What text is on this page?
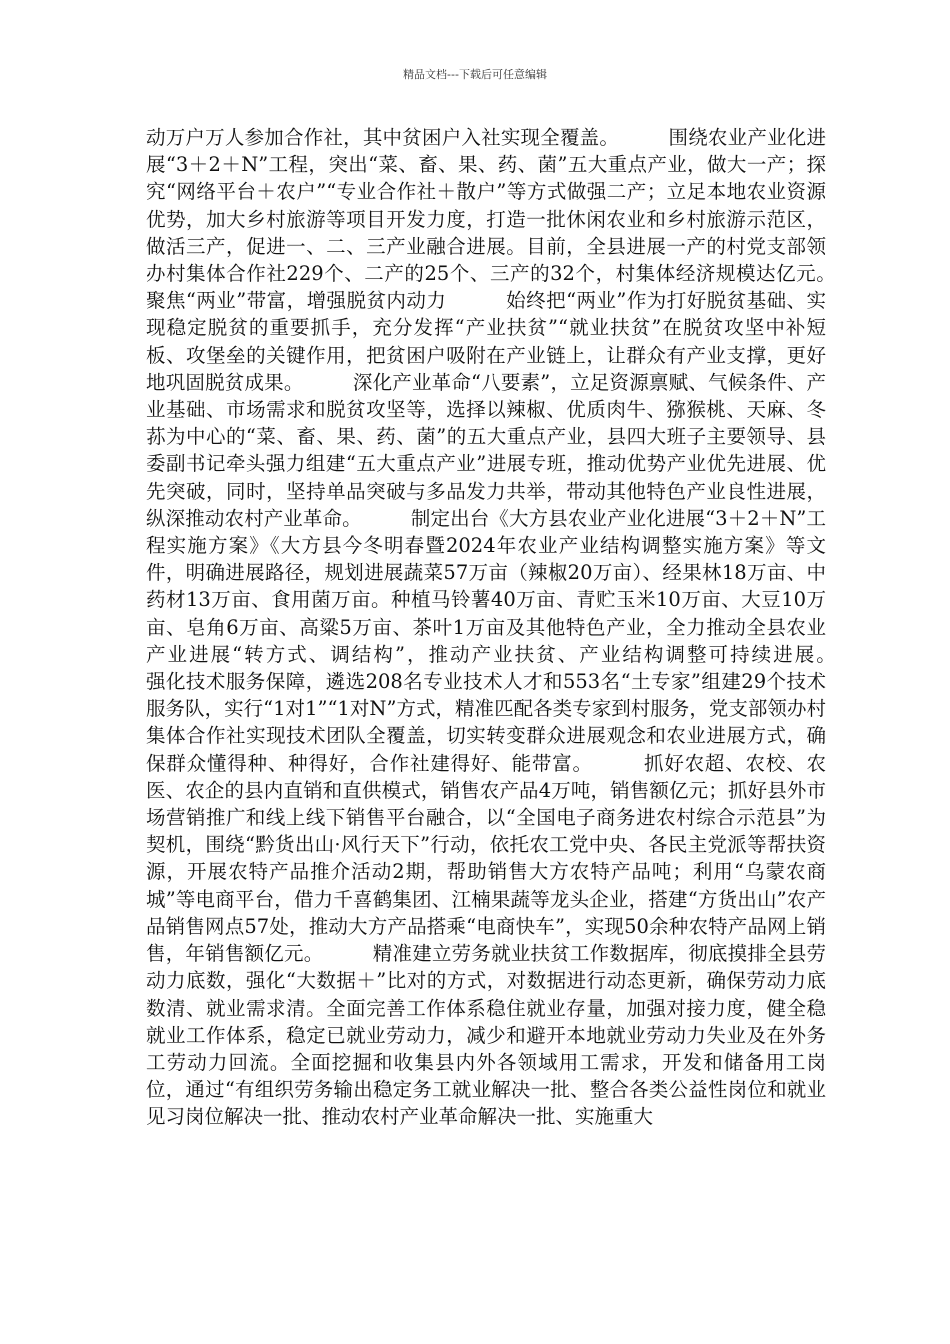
精品文档---下载后可任意编辑
动万户万人参加合作社，其中贫困户入社实现全覆盖。　　　围绕农业产业化进展“3＋2＋N”工程，突出“菜、畜、果、药、菌”五大重点产业，做大一产；探究“网络平台＋农户”“专业合作社＋散户”等方式做强二产；立足本地农业资源优势，加大乡村旅游等项目开发力度，打造一批休闲农业和乡村旅游示范区，做活三产，促进一、二、三产业融合进展。目前，全县进展一产的村党支部领办村集体合作社229个、二产的25个、三产的32个，村集体经济规模达亿元。　　　聚焦“两业”带富，增强脱贫内动力　　　始终把“两业”作为打好脱贫基础、实现稳定脱贫的重要抓手，充分发挥“产业扶贫”“就业扶贫”在脱贫攻坚中补短板、攻堡垒的关键作用，把贫困户吸附在产业链上，让群众有产业支撑，更好地巩固脱贫成果。　　　深化产业革命“八要素”，立足资源禀赋、气候条件、产业基础、市场需求和脱贫攻坚等，选择以辣椒、优质肉牛、猕猴桃、天麻、冬荪为中心的“菜、畜、果、药、菌”的五大重点产业，县四大班子主要领导、县委副书记牵头强力组建“五大重点产业”进展专班，推动优势产业优先进展、优先突破，同时，坚持单品突破与多品发力共举，带动其他特色产业良性进展，纵深推动农村产业革命。　　　制定出台《大方县农业产业化进展“3＋2＋N”工程实施方案》《大方县今冬明春暨2024年农业产业结构调整实施方案》等文件，明确进展路径，规划进展蔬菜57万亩（辣椒20万亩）、经果林18万亩、中药材13万亩、食用菌万亩。种植马铃薯40万亩、青贮玉米10万亩、大豆10万亩、皂角6万亩、高粱5万亩、茶叶1万亩及其他特色产业，全力推动全县农业产业进展“转方式、调结构”，推动产业扶贫、产业结构调整可持续进展。　　　强化技术服务保障，遴选208名专业技术人才和553名“土专家”组建29个技术服务队，实行“1对1”“1对N”方式，精准匹配各类专家到村服务，党支部领办村集体合作社实现技术团队全覆盖，切实转变群众进展观念和农业进展方式，确保群众懂得种、种得好，合作社建得好、能带富。　　　抓好农超、农校、农医、农企的县内直销和直供模式，销售农产品4万吨，销售额亿元；抓好县外市场营销推广和线上线下销售平台融合，以“全国电子商务进农村综合示范县”为契机，围绕“黔货出山·风行天下”行动，依托农工党中央、各民主党派等帮扶资源，开展农特产品推介活动2期，帮助销售大方农特产品吨；利用“乌蒙农商城”等电商平台，借力千喜鹤集团、江楠果蔬等龙头企业，搭建“方货出山”农产品销售网点57处，推动大方产品搭乘“电商快车”，实现50余种农特产品网上销售，年销售额亿元。　　　精准建立劳务就业扶贫工作数据库，彻底摸排全县劳动力底数，强化“大数据＋”比对的方式，对数据进行动态更新，确保劳动力底数清、就业需求清。全面完善工作体系稳住就业存量，加强对接力度，健全稳就业工作体系，稳定已就业劳动力，减少和避开本地就业劳动力失业及在外务工劳动力回流。全面挖掘和收集县内外各领域用工需求，开发和储备用工岗位，通过“有组织劳务输出稳定务工就业解决一批、整合各类公益性岗位和就业见习岗位解决一批、推动农村产业革命解决一批、实施重大
